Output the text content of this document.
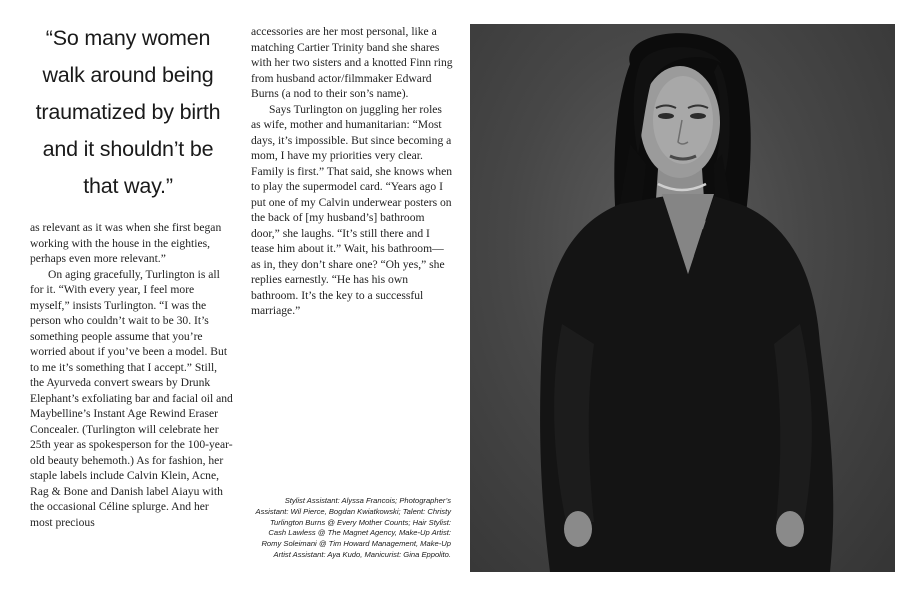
“So many women
walk around being
traumatized by birth
and it shouldn’t be
that way.”

as relevant as it was when she first began working with the house in the eighties, perhaps even more relevant.”

On aging gracefully, Turlington is all for it. “With every year, I feel more myself,” insists Turlington. “I was the person who couldn’t wait to be 30. It’s something people assume that you’re worried about if you’ve been a model. But to me it’s something that I accept.” Still, the Ayurveda convert swears by Drunk Elephant’s exfoliating bar and facial oil and Maybelline’s Instant Age Rewind Eraser Concealer. (Turlington will celebrate her 25th year as spokesperson for the 100-year-old beauty behemoth.) As for fashion, her staple labels include Calvin Klein, Acne, Rag & Bone and Danish label Aiayu with the occasional Céline splurge. And her most precious

accessories are her most personal, like a matching Cartier Trinity band she shares with her two sisters and a knotted Finn ring from husband actor/filmmaker Edward Burns (a nod to their son’s name).

Says Turlington on juggling her roles as wife, mother and humanitarian: “Most days, it’s impossible. But since becoming a mom, I have my priorities very clear. Family is first.” That said, she knows when to play the supermodel card. “Years ago I put one of my Calvin underwear posters on the back of [my husband’s] bathroom door,” she laughs. “It’s still there and I tease him about it.” Wait, his bathroom—as in, they don’t share one? “Oh yes,” she replies earnestly. “He has his own bathroom. It’s the key to a successful marriage.”

Stylist Assistant: Alyssa Francois; Photographer’s Assistant: Wil Pierce, Bogdan Kwiatkowski; Talent: Christy Turlington Burns @ Every Mother Counts; Hair Stylist: Cash Lawless @ The Magnet Agency, Make-Up Artist: Romy Soleimani @ Tim Howard Management, Make-Up Artist Assistant: Aya Kudo, Manicurist: Gina Eppolito.
